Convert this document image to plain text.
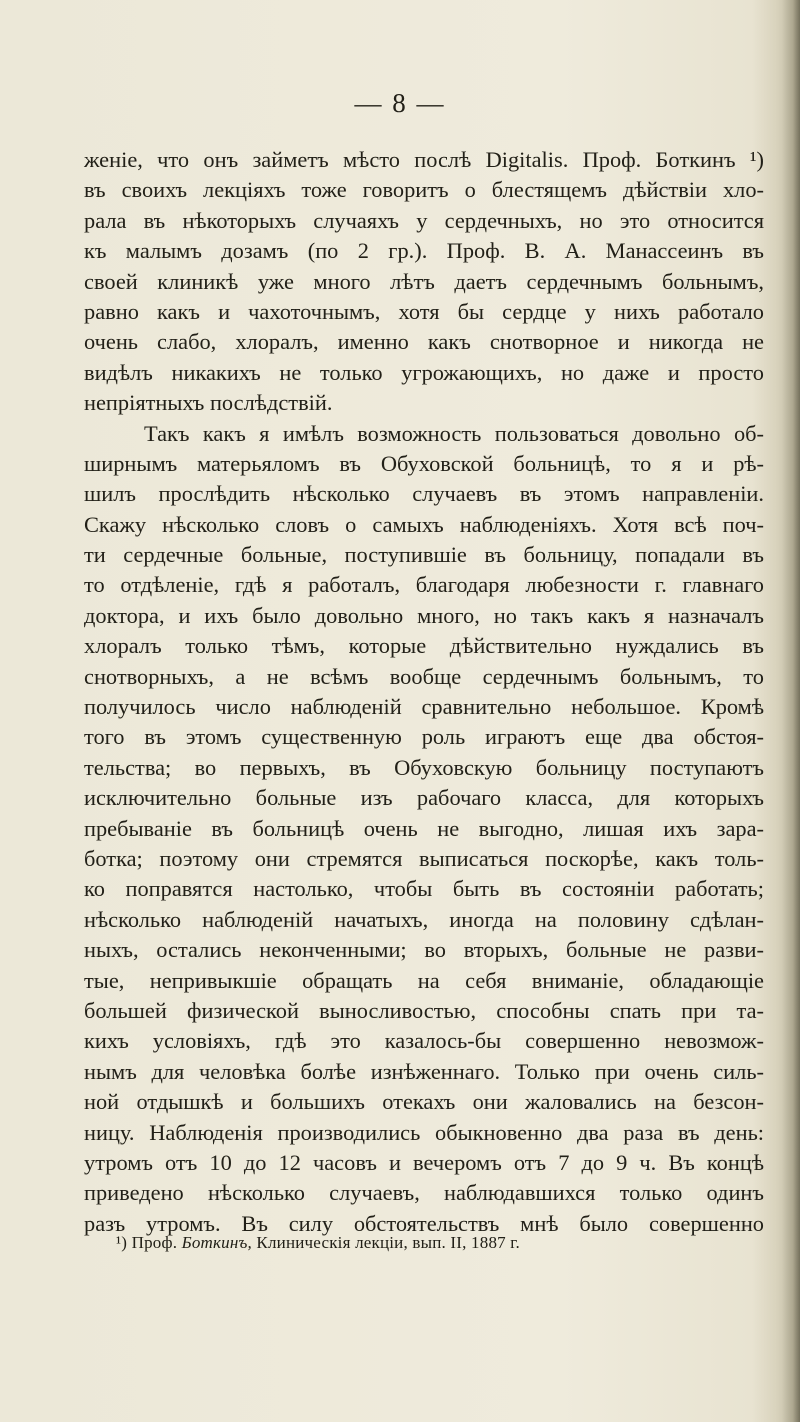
— 8 —
женіе, что онъ займетъ мѣсто послѣ Digitalis. Проф. Боткинъ ¹)
въ своихъ лекціяхъ тоже говоритъ о блестящемъ дѣйствіи хло-
рала въ нѣкоторыхъ случаяхъ у сердечныхъ, но это относится
къ малымъ дозамъ (по 2 гр.). Проф. В. А. Манассеинъ въ
своей клиникѣ уже много лѣтъ даетъ сердечнымъ больнымъ,
равно какъ и чахоточнымъ, хотя бы сердце у нихъ работало
очень слабо, хлоралъ, именно какъ снотворное и никогда не
видѣлъ никакихъ не только угрожающихъ, но даже и просто
непріятныхъ послѣдствій.
Такъ какъ я имѣлъ возможность пользоваться довольно об-
ширнымъ матерьяломъ въ Обуховской больницѣ, то я и рѣ-
шилъ прослѣдить нѣсколько случаевъ въ этомъ направленіи.
Скажу нѣсколько словъ о самыхъ наблюденіяхъ. Хотя всѣ поч-
ти сердечные больные, поступившіе въ больницу, попадали въ
то отдѣленіе, гдѣ я работалъ, благодаря любезности г. главнаго
доктора, и ихъ было довольно много, но такъ какъ я назначалъ
хлоралъ только тѣмъ, которые дѣйствительно нуждались въ
снотворныхъ, а не всѣмъ вообще сердечнымъ больнымъ, то
получилось число наблюденій сравнительно небольшое. Кромѣ
того въ этомъ существенную роль играютъ еще два обстоя-
тельства; во первыхъ, въ Обуховскую больницу поступаютъ
исключительно больные изъ рабочаго класса, для которыхъ
пребываніе въ больницѣ очень не выгодно, лишая ихъ зара-
ботка; поэтому они стремятся выписаться поскорѣе, какъ толь-
ко поправятся настолько, чтобы быть въ состояніи работать;
нѣсколько наблюденій начатыхъ, иногда на половину сдѣлан-
ныхъ, остались неконченными; во вторыхъ, больные не разви-
тые, непривыкшіе обращать на себя вниманіе, обладающіе
большей физической выносливостью, способны спать при та-
кихъ условіяхъ, гдѣ это казалось-бы совершенно невозмож-
нымъ для человѣка болѣе изнѣженнаго. Только при очень силь-
ной отдышкѣ и большихъ отекахъ они жаловались на безсон-
ницу. Наблюденія производились обыкновенно два раза въ день:
утромъ отъ 10 до 12 часовъ и вечеромъ отъ 7 до 9 ч. Въ концѣ
приведено нѣсколько случаевъ, наблюдавшихся только одинъ
разъ утромъ. Въ силу обстоятельствъ мнѣ было совершенно
¹) Проф. Боткинъ, Клиническія лекціи, вып. II, 1887 г.
